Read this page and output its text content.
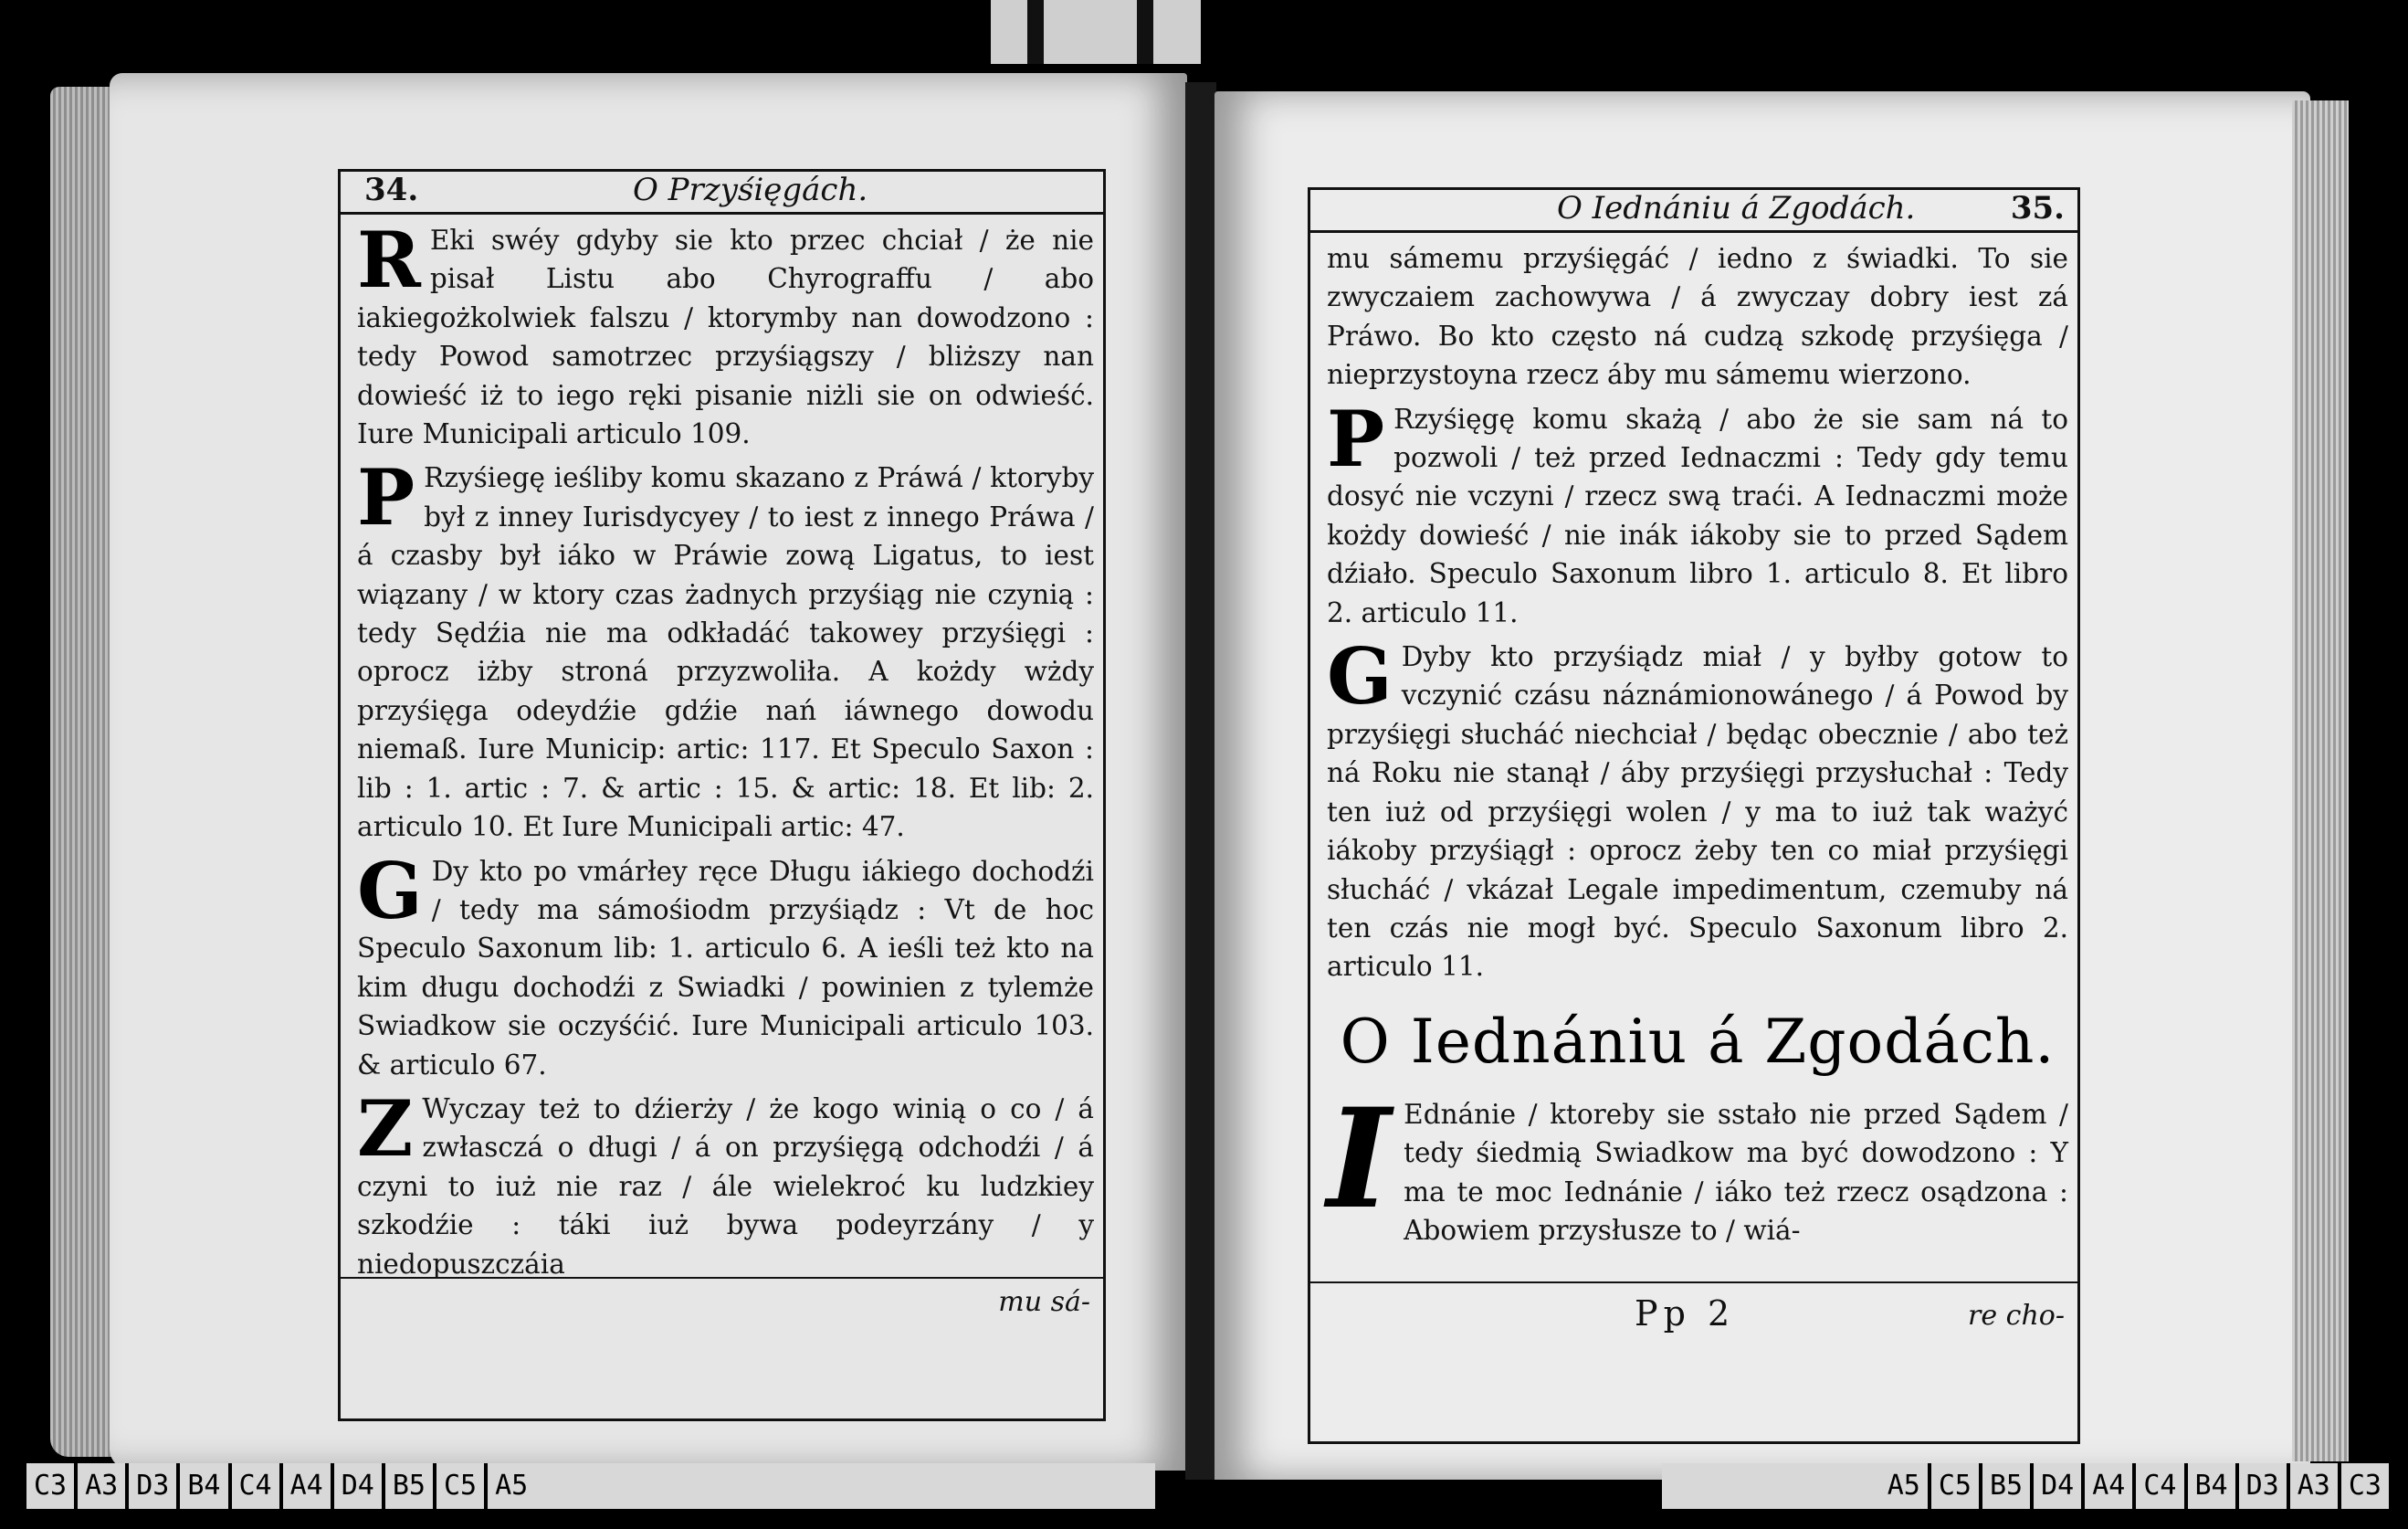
34.	O Przyśięgách.

R Eki swéy gdyby sie kto przec chciał / że nie pisał Listu abo Chyrograffu / abo iakiegożkolwiek falszu / ktorymby nan dowodzono : tedy Powod samotrzec przyśiągszy / bliższy nan dowieść iż to iego ręki pisanie niżli sie on odwieść. Iure Municipali articulo 109.

P Rzyśiegę ieśliby komu skazano z Práwá / ktoryby był z inney Iurisdycyey / to iest z innego Práwa / á czasby był iáko w Práwie zową Ligatus, to iest wiązany / w ktory czas żadnych przyśiąg nie czynią : tedy Sędźia nie ma odkładáć takowey przyśięgi : oprocz iżby stroná przyzwoliła. A kożdy wżdy przyśięga odeydźie gdźie nań iáwnego dowodu niemaß. Iure Municip: artic: 117. Et Speculo Saxon : lib : 1. artic : 7. & artic : 15. & artic: 18. Et lib: 2. articulo 10. Et Iure Municipali artic: 47.

G Dy kto po vmárłey ręce Długu iákiego dochodźi / tedy ma sámośiodm przyśiądz : Vt de hoc Speculo Saxonum lib: 1. articulo 6. A ieśli też kto na kim długu dochodźi z Swiadki / powinien z tylemże Swiadkow sie oczyśćić. Iure Municipali articulo 103. & articulo 67.

Z Wyczay też to dźierży / że kogo winią o co / á zwłasczá o długi / á on przyśięgą odchodźi / á czyni to iuż nie raz / ále wielekroć ku ludzkiey szkodźie : táki iuż bywa podeyrzány / y niedopuszczáia

mu sá-
O Iednániu á Zgodách.	35.

mu sámemu przyśięgáć / iedno z świadki. To sie zwyczaiem zachowywa / á zwyczay dobry iest zá Práwo. Bo kto często ná cudzą szkodę przyśięga / nieprzystoyna rzecz áby mu sámemu wierzono.

P Rzyśięgę komu skażą / abo że sie sam ná to pozwoli / też przed Iednaczmi : Tedy gdy temu dosyć nie vczyni / rzecz swą traći. A Iednaczmi może kożdy dowieść / nie inák iákoby sie to przed Sądem dźiało. Speculo Saxonum libro 1. articulo 8. Et libro 2. articulo 11.

G Dyby kto przyśiądz miał / y byłby gotow to vczynić czásu náznámionowánego / á Powod by przyśięgi słucháć niechciał / będąc obecznie / abo też ná Roku nie stanął / áby przyśięgi przysłuchał : Tedy ten iuż od przyśięgi wolen / y ma to iuż tak ważyć iákoby przyśiągł : oprocz żeby ten co miał przyśięgi słucháć / vkázał Legale impedimentum, czemuby ná ten czás nie mogł być. Speculo Saxonum libro 2. articulo 11.

O Iednániu á Zgodách.

I Ednánie / ktoreby sie sstało nie przed Sądem / tedy śiedmią Swiadkow ma być dowodzono : Y ma te moc Iednánie / iáko też rzecz osądzona : Abowiem przysłusze to / wiá-

Pp 2	re cho-
C3 A3 D3 B4 C4 A4 D4 B5 C5 A5	A5 C5 B5 D4 A4 C4 B4 D3 A3 C3
